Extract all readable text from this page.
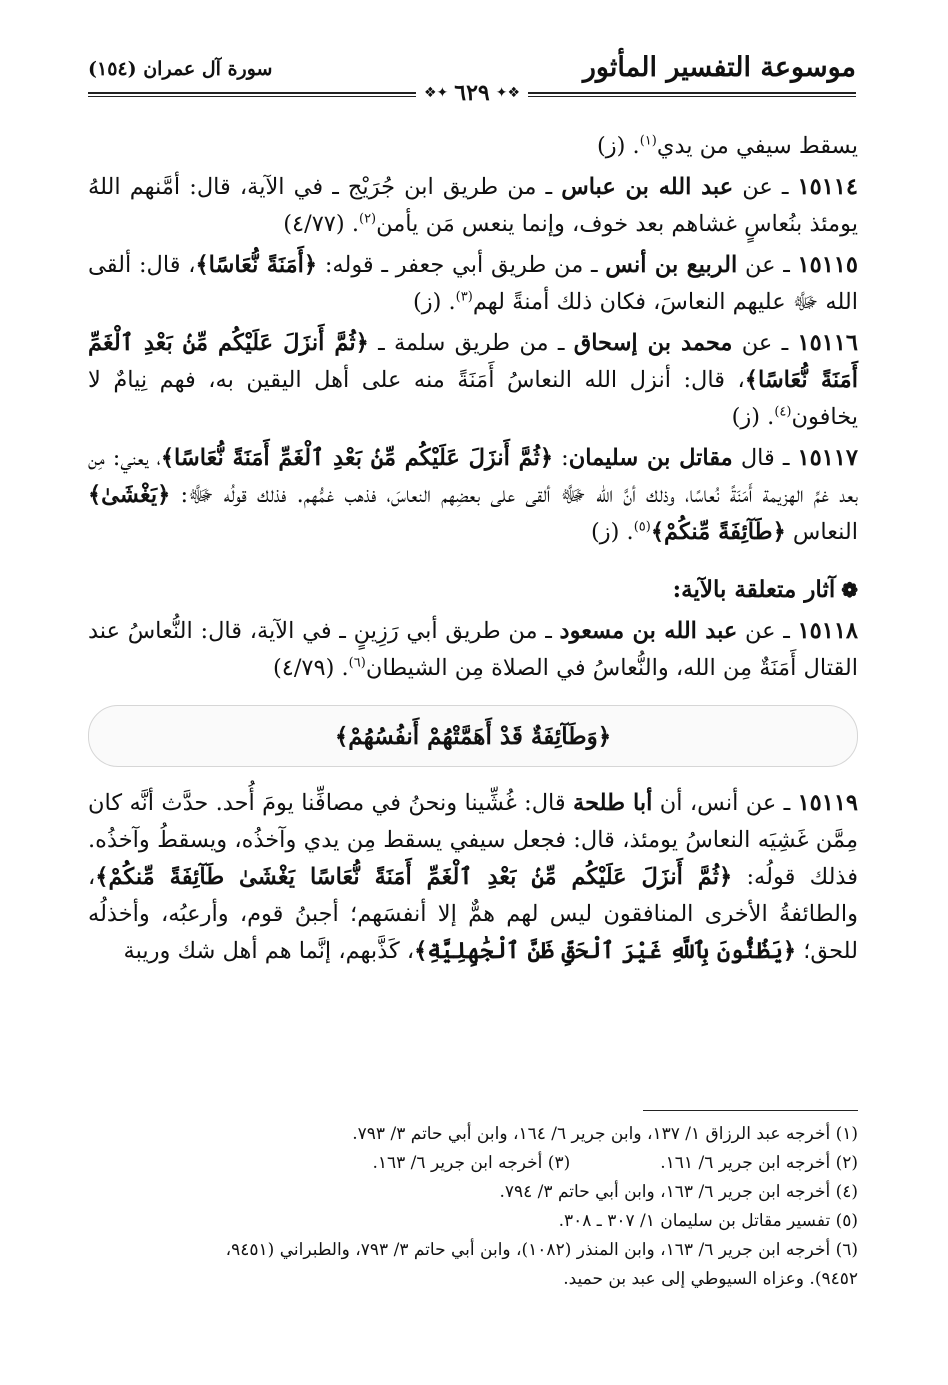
موسوعة التفسير المأثور
سورة آل عمران (١٥٤)
❖✦ ٦٢٩ ✦❖

يسقط سيفي من يدي$^{(١)}$. (ز)

١٥١١٤ ـ عن عبد الله بن عباس ـ من طريق ابن جُرَيْج ـ في الآية، قال: أمَّنهم اللهُ يومئذ بنُعاسٍ غشاهم بعد خوف، وإنما ينعس مَن يأمن$^{(٢)}$. (٤/٧٧)

١٥١١٥ ـ عن الربيع بن أنس ـ من طريق أبي جعفر ـ قوله: ﴿أَمَنَةً نُّعَاسًا﴾، قال: ألقى الله ﷻ عليهم النعاسَ، فكان ذلك أمنةً لهم$^{(٣)}$. (ز)

١٥١١٦ ـ عن محمد بن إسحاق ـ من طريق سلمة ـ ﴿ثُمَّ أَنزَلَ عَلَيْكُم مِّنۢ بَعْدِ ٱلْغَمِّ أَمَنَةً نُّعَاسًا﴾، قال: أنزل الله النعاسُ أَمَنَةً منه على أهل اليقين به، فهم نِيامٌ لا يخافون$^{(٤)}$. (ز)

١٥١١٧ ـ قال مقاتل بن سليمان: ﴿ثُمَّ أَنزَلَ عَلَيْكُم مِّنۢ بَعْدِ ٱلْغَمِّ أَمَنَةً نُّعَاسًا﴾، يعني: مِن بعد غمِّ الهزيمة أَمَنَةً نُعاسًا، وذلك أنَّ الله ﷻ ألقى على بعضِهم النعاسَ، فذهب غمُّهم. فذلك قولُه ﷻ: ﴿يَغْشَىٰ﴾ النعاس ﴿طَآئِفَةً مِّنكُمْ﴾$^{(٥)}$. (ز)

❁آثار متعلقة بالآية:

١٥١١٨ ـ عن عبد الله بن مسعود ـ من طريق أبي رَزِينٍ ـ في الآية، قال: النُّعاسُ عند القتال أَمَنَةٌ مِن الله، والنُّعاسُ في الصلاة مِن الشيطان$^{(٦)}$. (٤/٧٩)

﴿وَطَآئِفَةٌ قَدْ أَهَمَّتْهُمْ أَنفُسُهُمْ﴾

١٥١١٩ ـ عن أنس، أن أبا طلحة قال: غُشِّينا ونحنُ في مصافِّنا يومَ أُحد. حدَّث أنَّه كان مِمَّن غَشِيَه النعاسُ يومئذ، قال: فجعل سيفي يسقط مِن يدي وآخذُه، ويسقطُ وآخذُه. فذلك قولُه: ﴿ثُمَّ أَنزَلَ عَلَيْكُم مِّنۢ بَعْدِ ٱلْغَمِّ أَمَنَةً نُّعَاسًا يَغْشَىٰ طَآئِفَةً مِّنكُمْ﴾، والطائفةُ الأخرى المنافقون ليس لهم همٌّ إلا أنفسَهم؛ أجبنُ قوم، وأرعبُه، وأخذلُه للحق؛ ﴿يَظُنُّونَ بِٱللَّهِ غَيْرَ ٱلْحَقِّ ظَنَّ ٱلْجَٰهِلِيَّةِ﴾، كَذَّبهم، إنَّما هم أهل شك وريبة

(١) أخرجه عبد الرزاق ١/ ١٣٧، وابن جرير ٦/ ١٦٤، وابن أبي حاتم ٣/ ٧٩٣.
(٢) أخرجه ابن جرير ٦/ ١٦١.
(٣) أخرجه ابن جرير ٦/ ١٦٣.
(٤) أخرجه ابن جرير ٦/ ١٦٣، وابن أبي حاتم ٣/ ٧٩٤.
(٥) تفسير مقاتل بن سليمان ١/ ٣٠٧ ـ ٣٠٨.
(٦) أخرجه ابن جرير ٦/ ١٦٣، وابن المنذر (١٠٨٢)، وابن أبي حاتم ٣/ ٧٩٣، والطبراني (٩٤٥١،
٩٤٥٢). وعزاه السيوطي إلى عبد بن حميد.
